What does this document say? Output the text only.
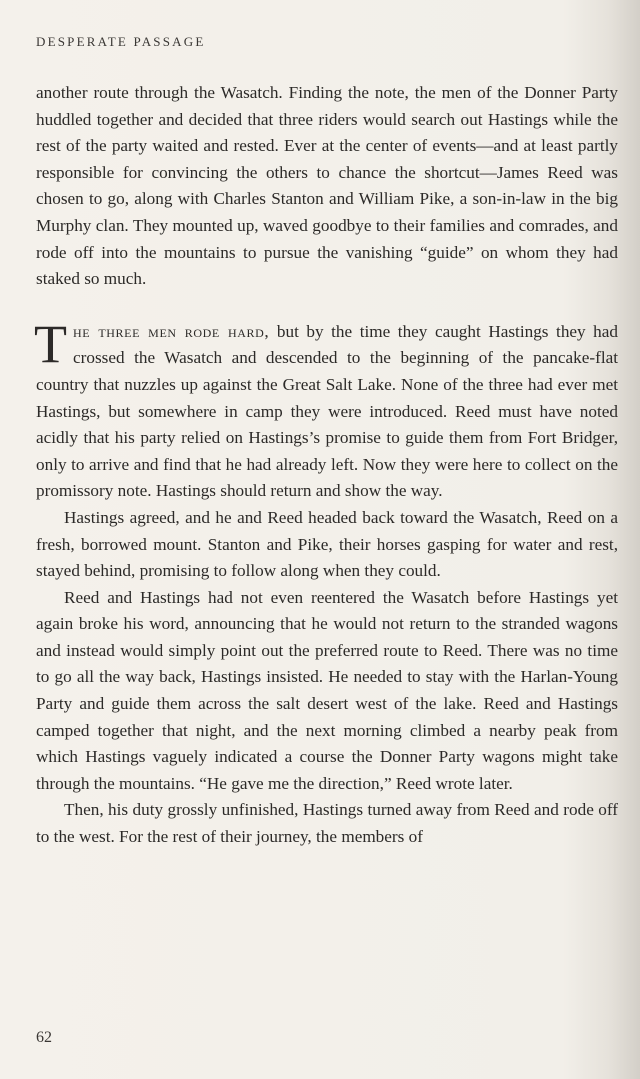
DESPERATE PASSAGE

another route through the Wasatch. Finding the note, the men of the Donner Party huddled together and decided that three riders would search out Hastings while the rest of the party waited and rested. Ever at the center of events—and at least partly responsible for convincing the others to chance the shortcut—James Reed was chosen to go, along with Charles Stanton and William Pike, a son-in-law in the big Murphy clan. They mounted up, waved goodbye to their families and comrades, and rode off into the mountains to pursue the vanishing “guide” on whom they had staked so much.

The three men rode hard, but by the time they caught Hastings they had crossed the Wasatch and descended to the beginning of the pancake-flat country that nuzzles up against the Great Salt Lake. None of the three had ever met Hastings, but somewhere in camp they were introduced. Reed must have noted acidly that his party relied on Hastings’s promise to guide them from Fort Bridger, only to arrive and find that he had already left. Now they were here to collect on the promissory note. Hastings should return and show the way.

Hastings agreed, and he and Reed headed back toward the Wasatch, Reed on a fresh, borrowed mount. Stanton and Pike, their horses gasping for water and rest, stayed behind, promising to follow along when they could.

Reed and Hastings had not even reentered the Wasatch before Hastings yet again broke his word, announcing that he would not return to the stranded wagons and instead would simply point out the preferred route to Reed. There was no time to go all the way back, Hastings insisted. He needed to stay with the Harlan-Young Party and guide them across the salt desert west of the lake. Reed and Hastings camped together that night, and the next morning climbed a nearby peak from which Hastings vaguely indicated a course the Donner Party wagons might take through the mountains. “He gave me the direction,” Reed wrote later.

Then, his duty grossly unfinished, Hastings turned away from Reed and rode off to the west. For the rest of their journey, the members of

62
